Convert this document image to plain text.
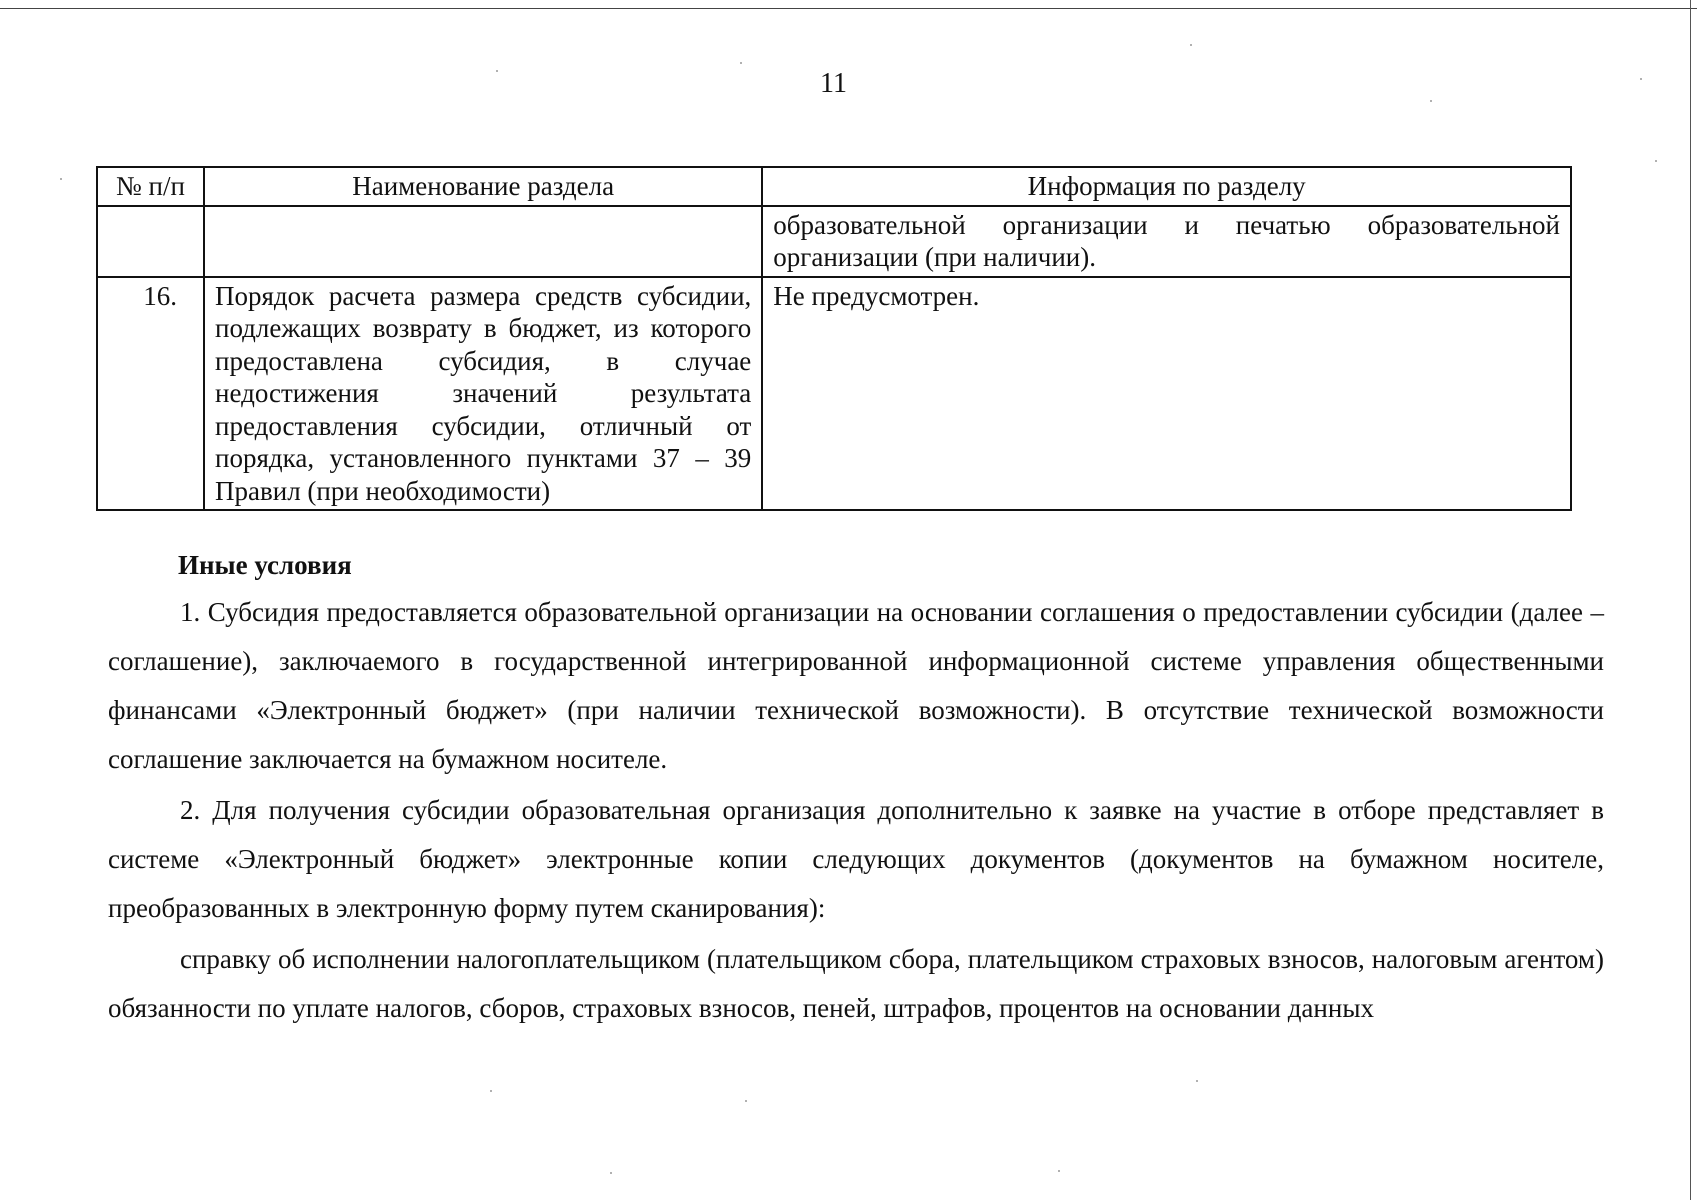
11
№ п/п	Наименование раздела	Информация по разделу
		образовательной организации и печатью образовательной организации (при наличии).
16.	Порядок расчета размера средств субсидии, подлежащих возврату в бюджет, из которого предоставлена субсидия, в случае недостижения значений результата предоставления субсидии, отличный от порядка, установленного пунктами 37 – 39 Правил (при необходимости)	Не предусмотрен.
Иные условия
1. Субсидия предоставляется образовательной организации на основании соглашения о предоставлении субсидии (далее – соглашение), заключаемого в государственной интегрированной информационной системе управления общественными финансами «Электронный бюджет» (при наличии технической возможности). В отсутствие технической возможности соглашение заключается на бумажном носителе.
2. Для получения субсидии образовательная организация дополнительно к заявке на участие в отборе представляет в системе «Электронный бюджет» электронные копии следующих документов (документов на бумажном носителе, преобразованных в электронную форму путем сканирования):
справку об исполнении налогоплательщиком (плательщиком сбора, плательщиком страховых взносов, налоговым агентом) обязанности по уплате налогов, сборов, страховых взносов, пеней, штрафов, процентов на основании данных
